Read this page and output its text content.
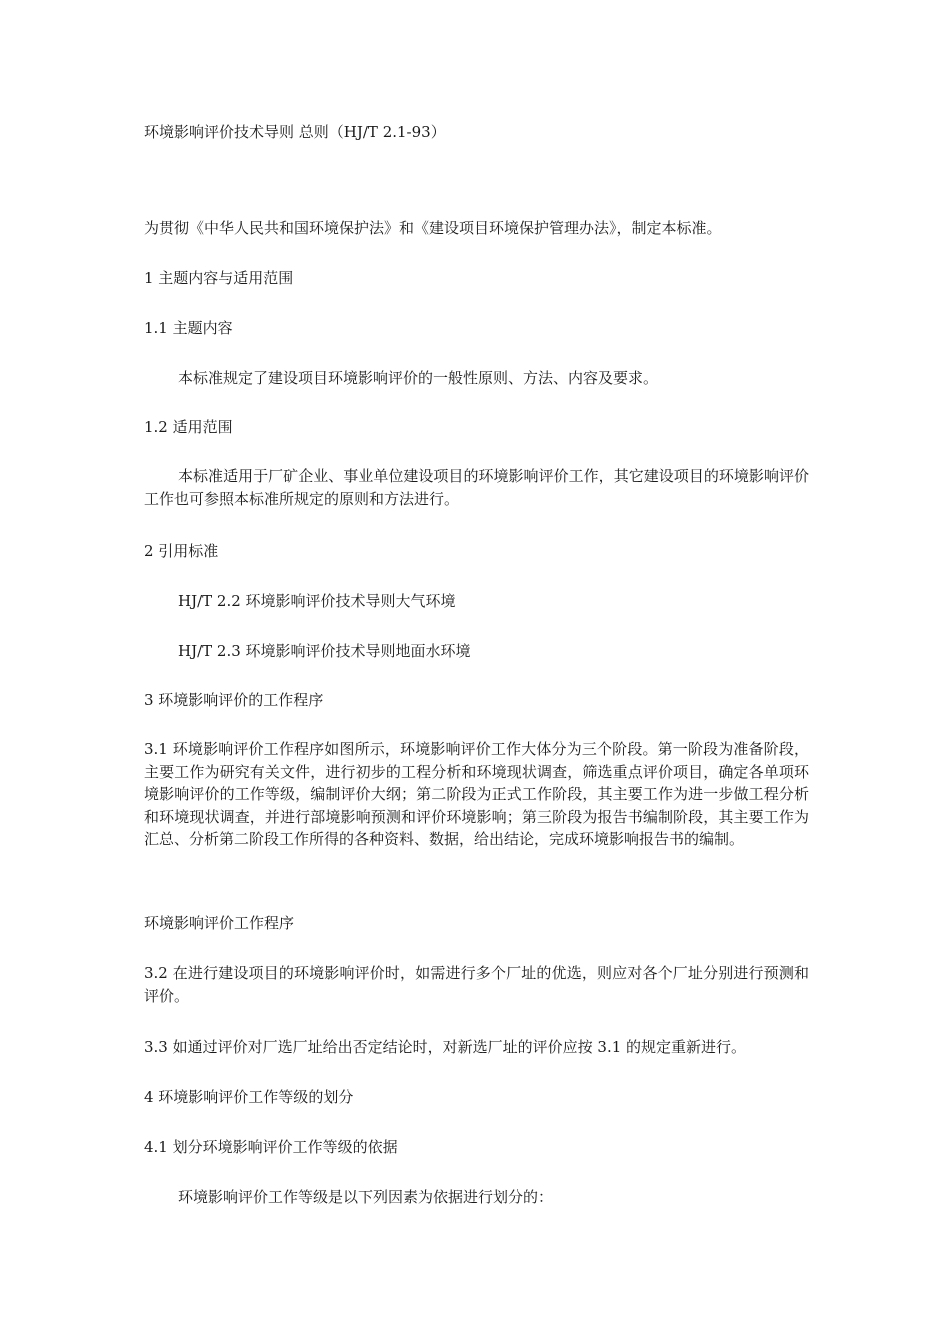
环境影响评价技术导则 总则（HJ/T 2.1-93）
为贯彻《中华人民共和国环境保护法》和《建设项目环境保护管理办法》，制定本标准。
1 主题内容与适用范围
1.1 主题内容
本标准规定了建设项目环境影响评价的一般性原则、方法、内容及要求。
1.2 适用范围
本标准适用于厂矿企业、事业单位建设项目的环境影响评价工作，其它建设项目的环境影响评价工作也可参照本标准所规定的原则和方法进行。
2 引用标准
HJ/T 2.2 环境影响评价技术导则大气环境
HJ/T 2.3 环境影响评价技术导则地面水环境
3 环境影响评价的工作程序
3.1 环境影响评价工作程序如图所示，环境影响评价工作大体分为三个阶段。第一阶段为准备阶段，主要工作为研究有关文件，进行初步的工程分析和环境现状调查，筛选重点评价项目，确定各单项环境影响评价的工作等级，编制评价大纲；第二阶段为正式工作阶段，其主要工作为进一步做工程分析和环境现状调查，并进行部境影响预测和评价环境影响；第三阶段为报告书编制阶段，其主要工作为汇总、分析第二阶段工作所得的各种资料、数据，给出结论，完成环境影响报告书的编制。
环境影响评价工作程序
3.2 在进行建设项目的环境影响评价时，如需进行多个厂址的优选，则应对各个厂址分别进行预测和评价。
3.3 如通过评价对厂选厂址给出否定结论时，对新选厂址的评价应按 3.1 的规定重新进行。
4 环境影响评价工作等级的划分
4.1 划分环境影响评价工作等级的依据
环境影响评价工作等级是以下列因素为依据进行划分的：
